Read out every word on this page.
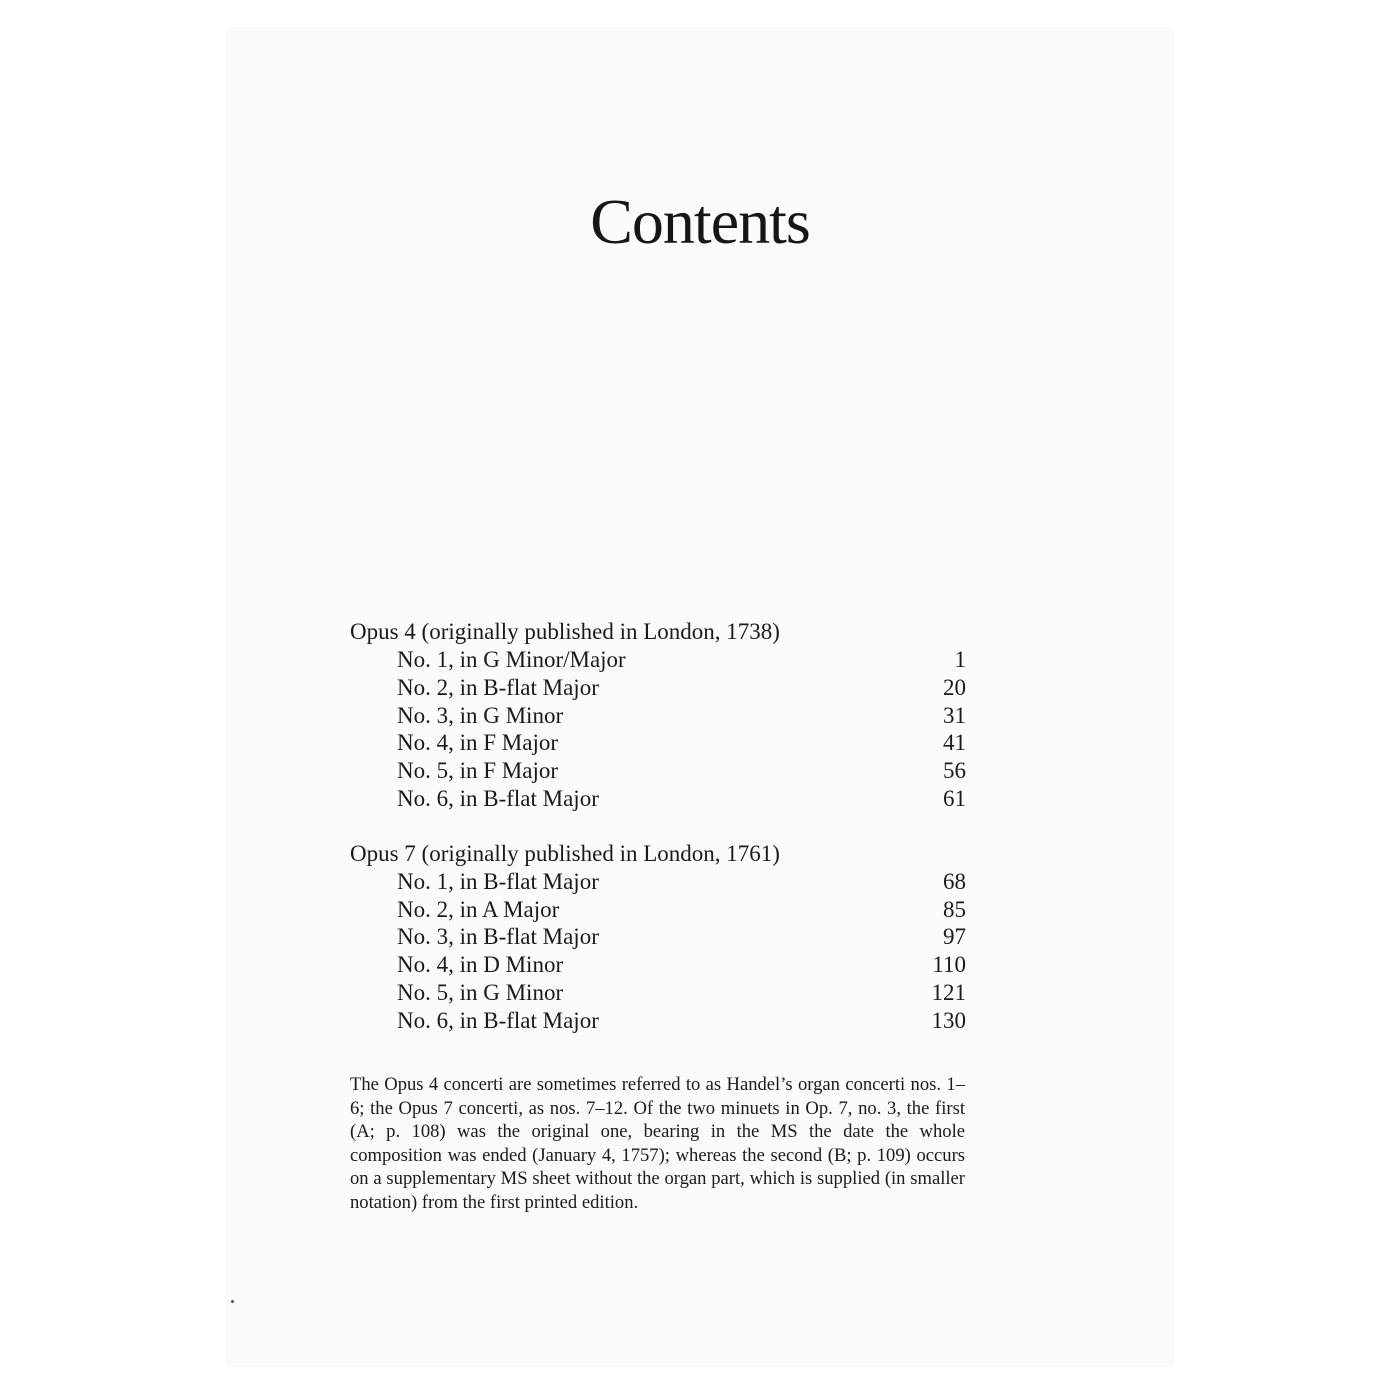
Contents
Opus 4 (originally published in London, 1738)
No. 1, in G Minor/Major	1
No. 2, in B-flat Major	20
No. 3, in G Minor	31
No. 4, in F Major	41
No. 5, in F Major	56
No. 6, in B-flat Major	61
Opus 7 (originally published in London, 1761)
No. 1, in B-flat Major	68
No. 2, in A Major	85
No. 3, in B-flat Major	97
No. 4, in D Minor	110
No. 5, in G Minor	121
No. 6, in B-flat Major	130

The Opus 4 concerti are sometimes referred to as Handel’s organ concerti nos. 1–6; the Opus 7 concerti, as nos. 7–12. Of the two minuets in Op. 7, no. 3, the first (A; p. 108) was the original one, bearing in the MS the date the whole composition was ended (January 4, 1757); whereas the second (B; p. 109) occurs on a supplementary MS sheet without the organ part, which is supplied (in smaller notation) from the first printed edition.
